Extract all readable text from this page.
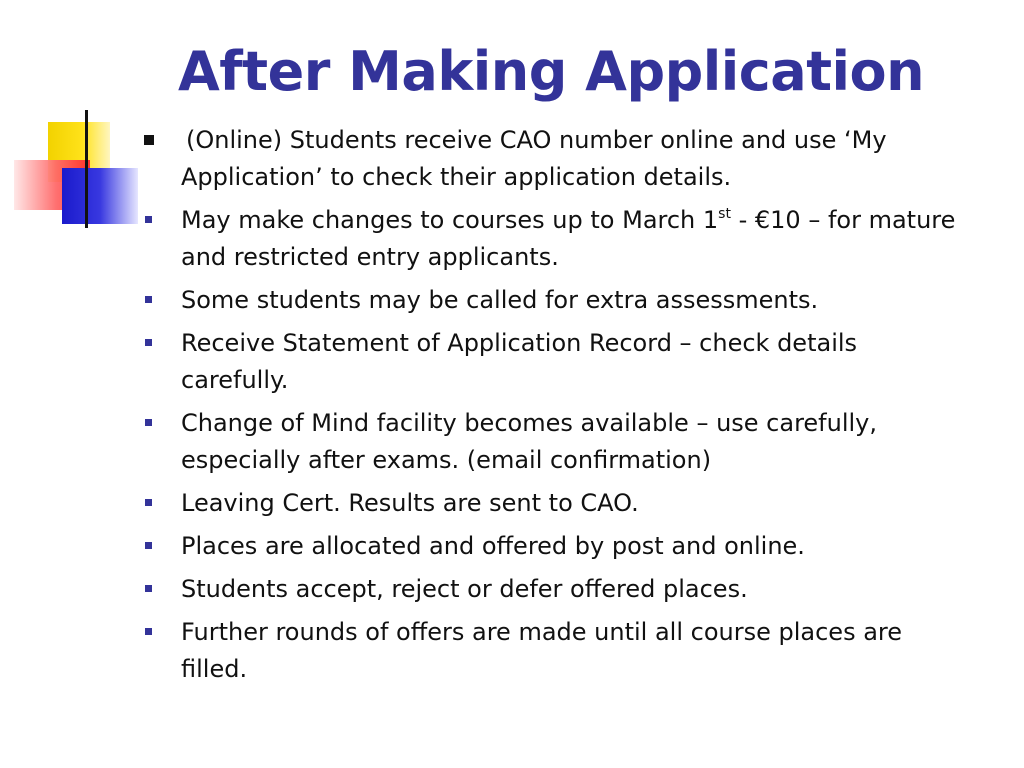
After Making Application
(Online) Students receive CAO number online and use ‘My Application’ to check their application details.
May make changes to courses up to March 1st - €10 – for mature and restricted entry applicants.
Some students may be called for extra assessments.
Receive Statement of Application Record – check details carefully.
Change of Mind facility becomes available – use carefully, especially after exams. (email confirmation)
Leaving Cert. Results are sent to CAO.
Places are allocated and offered by post and online.
Students accept, reject or defer offered places.
Further rounds of offers are made until all course places are filled.
